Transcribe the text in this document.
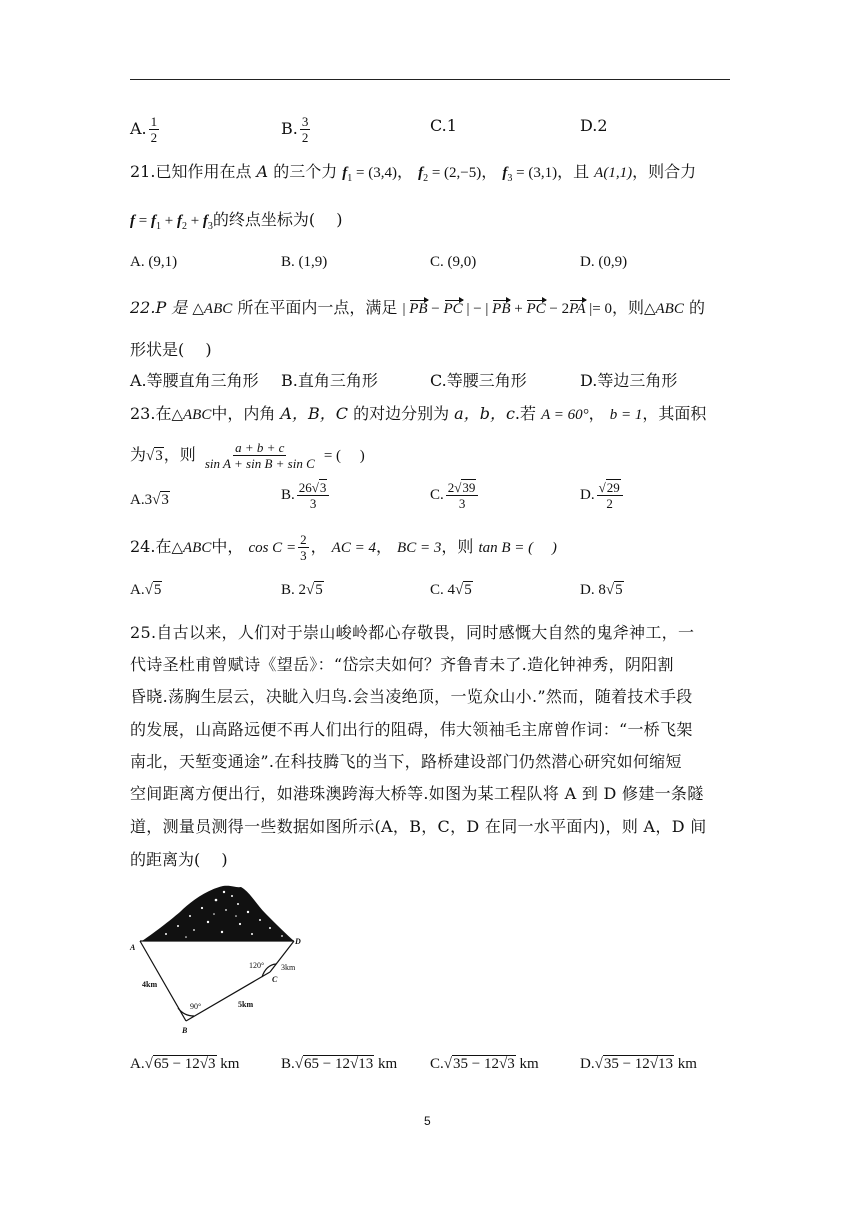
A. $\frac{1}{2}$	B. $\frac{3}{2}$	C.1	D.2
21.已知作用在点 A 的三个力 $f_1 = (3,4)$， $f_2 = (2,-5)$， $f_3 = (3,1)$，且 A(1,1)，则合力
$f = f_1 + f_2 + f_3$的终点坐标为(　 )
A. (9,1)	B. (1,9)	C. (9,0)	D. (0,9)
22.P 是 △ABC 所在平面内一点，满足 | PB − PC | − | PB + PC − 2PA |= 0，则△ABC 的
形状是(　 )
A.等腰直角三角形 B.直角三角形	C.等腰三角形	D.等边三角形
23.在△ABC中，内角 A，B，C 的对边分别为 a，b，c.若 A = 60°， b = 1，其面积
为√3，则 $\frac{a + b + c}{\text{sin A + sin B + sin C}}$ = (　 )
A.3√3	B. $\frac{26√3}{3}$	C. $\frac{2√39}{3}$	D. $\frac{√29}{2}$
24.在△ABC中， $\cos C = \frac{2}{3}$ ， AC = 4， BC = 3，则 tan B = (　 )
A.√5	B. 2√5	C. 4√5	D. 8√5
25.自古以来，人们对于崇山峻岭都心存敬畏，同时感慨大自然的鬼斧神工，一
代诗圣杜甫曾赋诗《望岳》：“岱宗夫如何？齐鲁青未了.造化钟神秀，阴阳割
昏晓.荡胸生层云，决眦入归鸟.会当凌绝顶，一览众山小.”然而，随着技术手段
的发展，山高路远便不再人们出行的阻碍，伟大领袖毛主席曾作词：“一桥飞架
南北，天堑变通途”.在科技腾飞的当下，路桥建设部门仍然潜心研究如何缩短
空间距离方便出行，如港珠澳跨海大桥等.如图为某工程队将 A 到 D 修建一条隧
道，测量员测得一些数据如图所示(A，B，C，D 在同一水平面内)，则 A，D 间
的距离为(　 )
A
D
B
C
4km
5km
3km
90°
120°
A.√65 − 12√3 km	B.√65 − 12√13 km C.√35 − 12√3 km	D.√35 − 12√13 km
5
